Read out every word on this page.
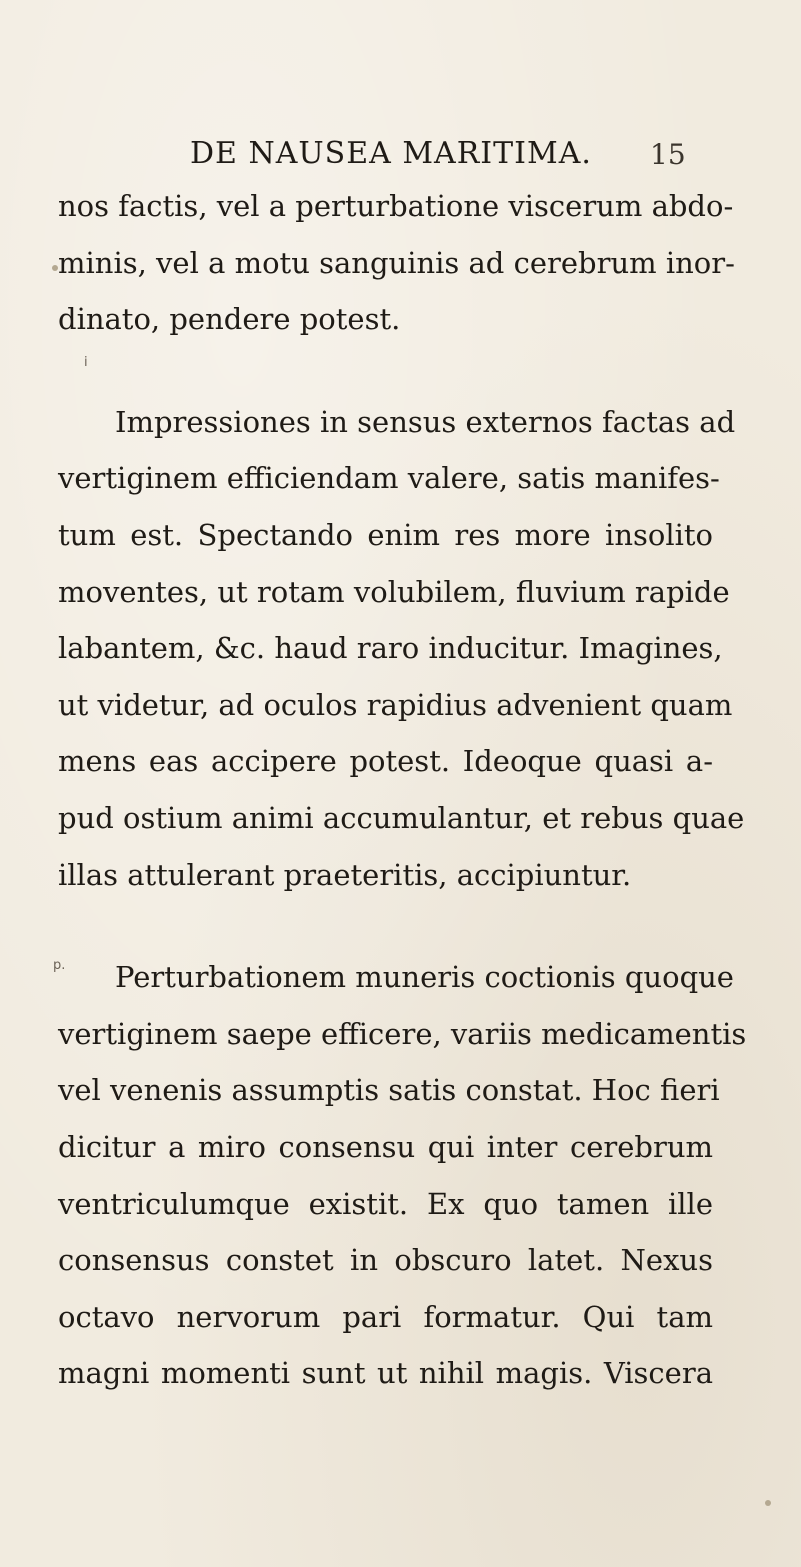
DE NAUSEA MARITIMA. 15
i
p.
nos factis, vel a perturbatione viscerum abdo-
minis, vel a motu sanguinis ad cerebrum inor-
dinato, pendere potest.
Impressiones in sensus externos factas ad
vertiginem efficiendam valere, satis manifes-
tum est. Spectando enim res more insolito
moventes, ut rotam volubilem, fluvium rapide
labantem, &c. haud raro inducitur. Imagines,
ut videtur, ad oculos rapidius advenient quam
mens eas accipere potest. Ideoque quasi a-
pud ostium animi accumulantur, et rebus quae
illas attulerant praeteritis, accipiuntur.
Perturbationem muneris coctionis quoque
vertiginem saepe efficere, variis medicamentis
vel venenis assumptis satis constat. Hoc fieri
dicitur a miro consensu qui inter cerebrum
ventriculumque existit. Ex quo tamen ille
consensus constet in obscuro latet. Nexus
octavo nervorum pari formatur. Qui tam
magni momenti sunt ut nihil magis. Viscera
